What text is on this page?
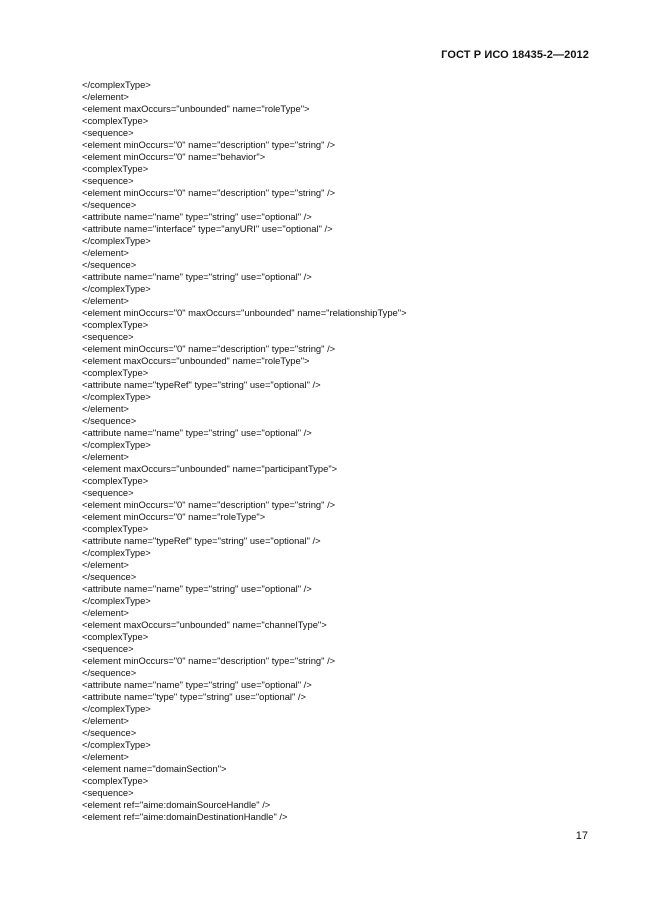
ГОСТ Р ИСО 18435-2—2012
</complexType>
</element>
<element maxOccurs="unbounded" name="roleType">
<complexType>
<sequence>
<element minOccurs="0" name="description" type="string" />
<element minOccurs="0" name="behavior">
<complexType>
<sequence>
<element minOccurs="0" name="description" type="string" />
</sequence>
<attribute name="name" type="string" use="optional" />
<attribute name="interface" type="anyURI" use="optional" />
</complexType>
</element>
</sequence>
<attribute name="name" type="string" use="optional" />
</complexType>
</element>
<element minOccurs="0" maxOccurs="unbounded" name="relationshipType">
<complexType>
<sequence>
<element minOccurs="0" name="description" type="string" />
<element maxOccurs="unbounded" name="roleType">
<complexType>
<attribute name="typeRef" type="string" use="optional" />
</complexType>
</element>
</sequence>
<attribute name="name" type="string" use="optional" />
</complexType>
</element>
<element maxOccurs="unbounded" name="participantType">
<complexType>
<sequence>
<element minOccurs="0" name="description" type="string" />
<element minOccurs="0" name="roleType">
<complexType>
<attribute name="typeRef" type="string" use="optional" />
</complexType>
</element>
</sequence>
<attribute name="name" type="string" use="optional" />
</complexType>
</element>
<element maxOccurs="unbounded" name="channelType">
<complexType>
<sequence>
<element minOccurs="0" name="description" type="string" />
</sequence>
<attribute name="name" type="string" use="optional" />
<attribute name="type" type="string" use="optional" />
</complexType>
</element>
</sequence>
</complexType>
</element>
<element name="domainSection">
<complexType>
<sequence>
<element ref="aime:domainSourceHandle" />
<element ref="aime:domainDestinationHandle" />
17
